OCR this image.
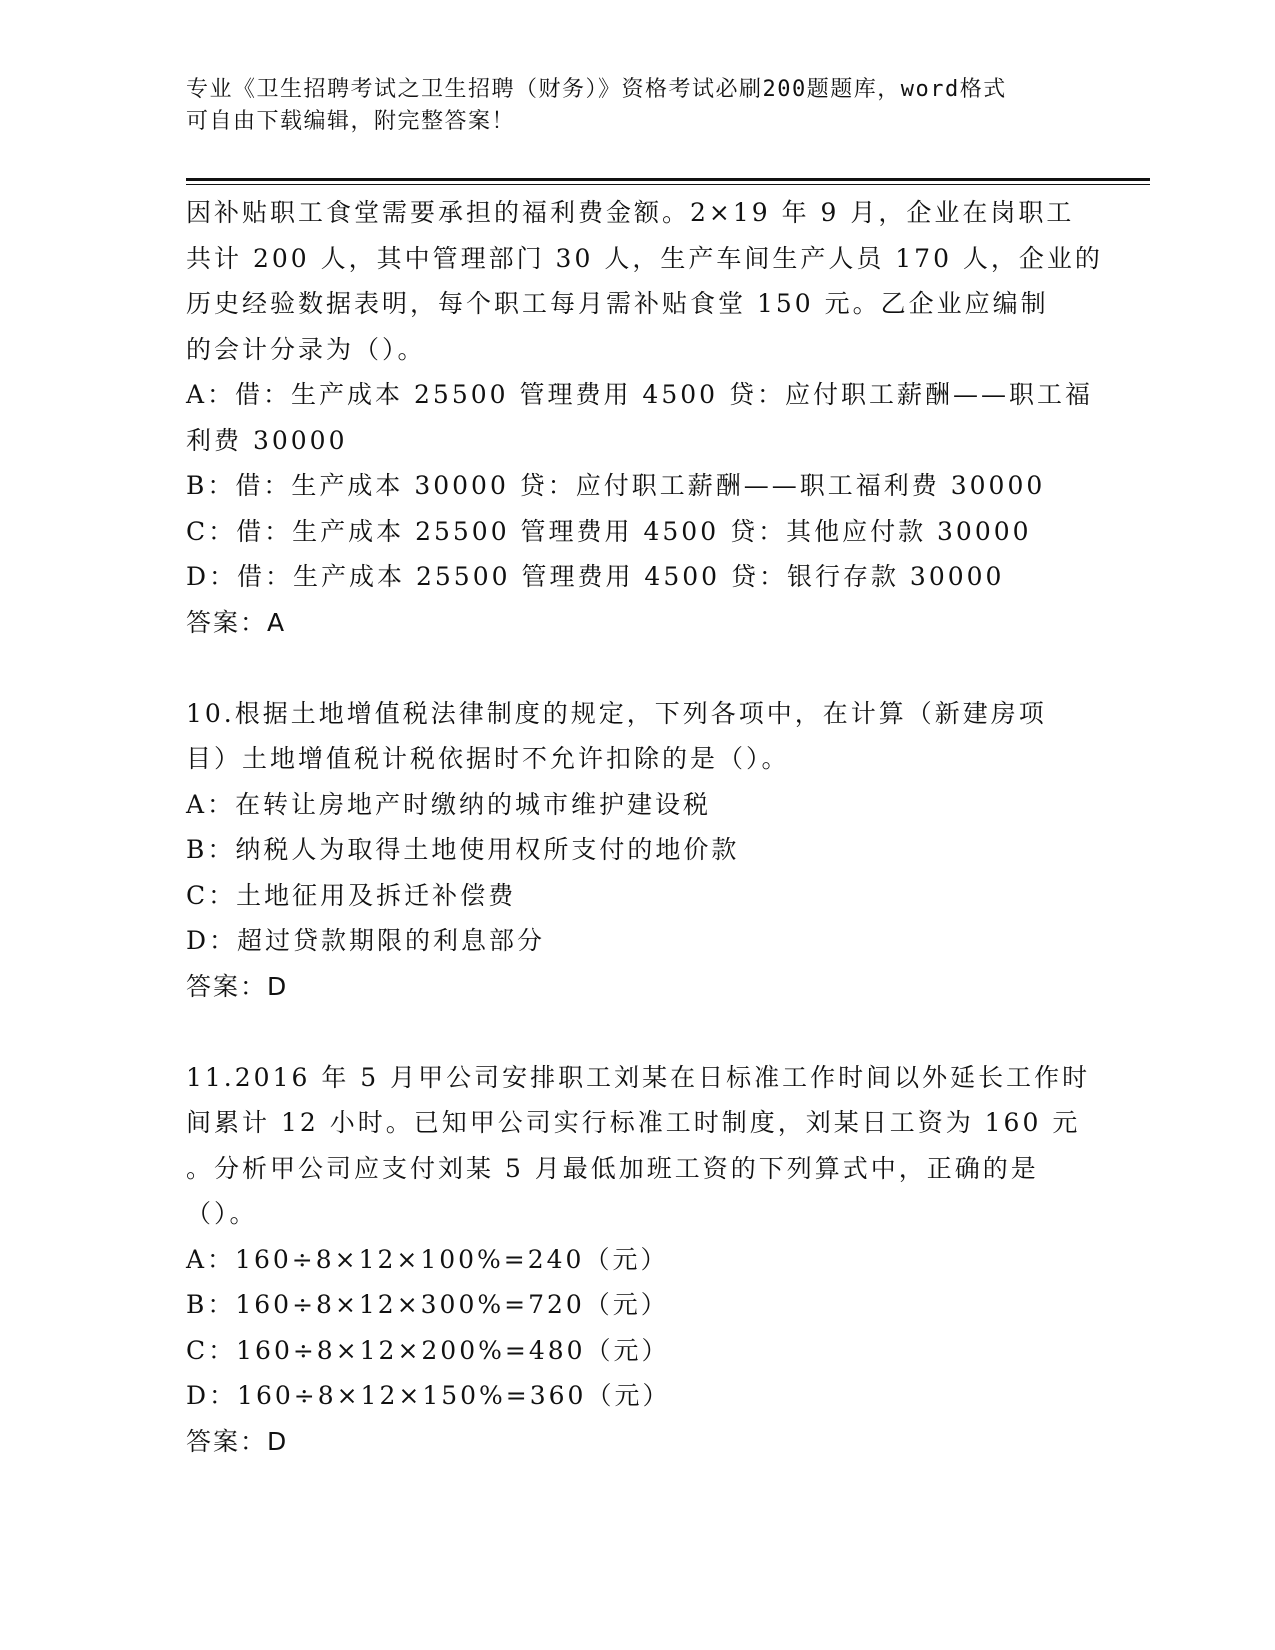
专业《卫生招聘考试之卫生招聘（财务）》资格考试必刷200题题库，word格式
可自由下载编辑，附完整答案！
因补贴职工食堂需要承担的福利费金额。2×19 年 9 月，企业在岗职工
共计 200 人，其中管理部门 30 人，生产车间生产人员 170 人，企业的
历史经验数据表明，每个职工每月需补贴食堂 150 元。乙企业应编制
的会计分录为（）。
A：借：生产成本 25500 管理费用 4500 贷：应付职工薪酬——职工福
利费 30000
B：借：生产成本 30000 贷：应付职工薪酬——职工福利费 30000
C：借：生产成本 25500 管理费用 4500 贷：其他应付款 30000
D：借：生产成本 25500 管理费用 4500 贷：银行存款 30000
答案：A
10.根据土地增值税法律制度的规定，下列各项中，在计算（新建房项
目）土地增值税计税依据时不允许扣除的是（）。
A：在转让房地产时缴纳的城市维护建设税
B：纳税人为取得土地使用权所支付的地价款
C：土地征用及拆迁补偿费
D：超过贷款期限的利息部分
答案：D
11.2016 年 5 月甲公司安排职工刘某在日标准工作时间以外延长工作时
间累计 12 小时。已知甲公司实行标准工时制度，刘某日工资为 160 元
。分析甲公司应支付刘某 5 月最低加班工资的下列算式中，正确的是
（）。
A：160÷8×12×100%=240（元）
B：160÷8×12×300%=720（元）
C：160÷8×12×200%=480（元）
D：160÷8×12×150%=360（元）
答案：D
